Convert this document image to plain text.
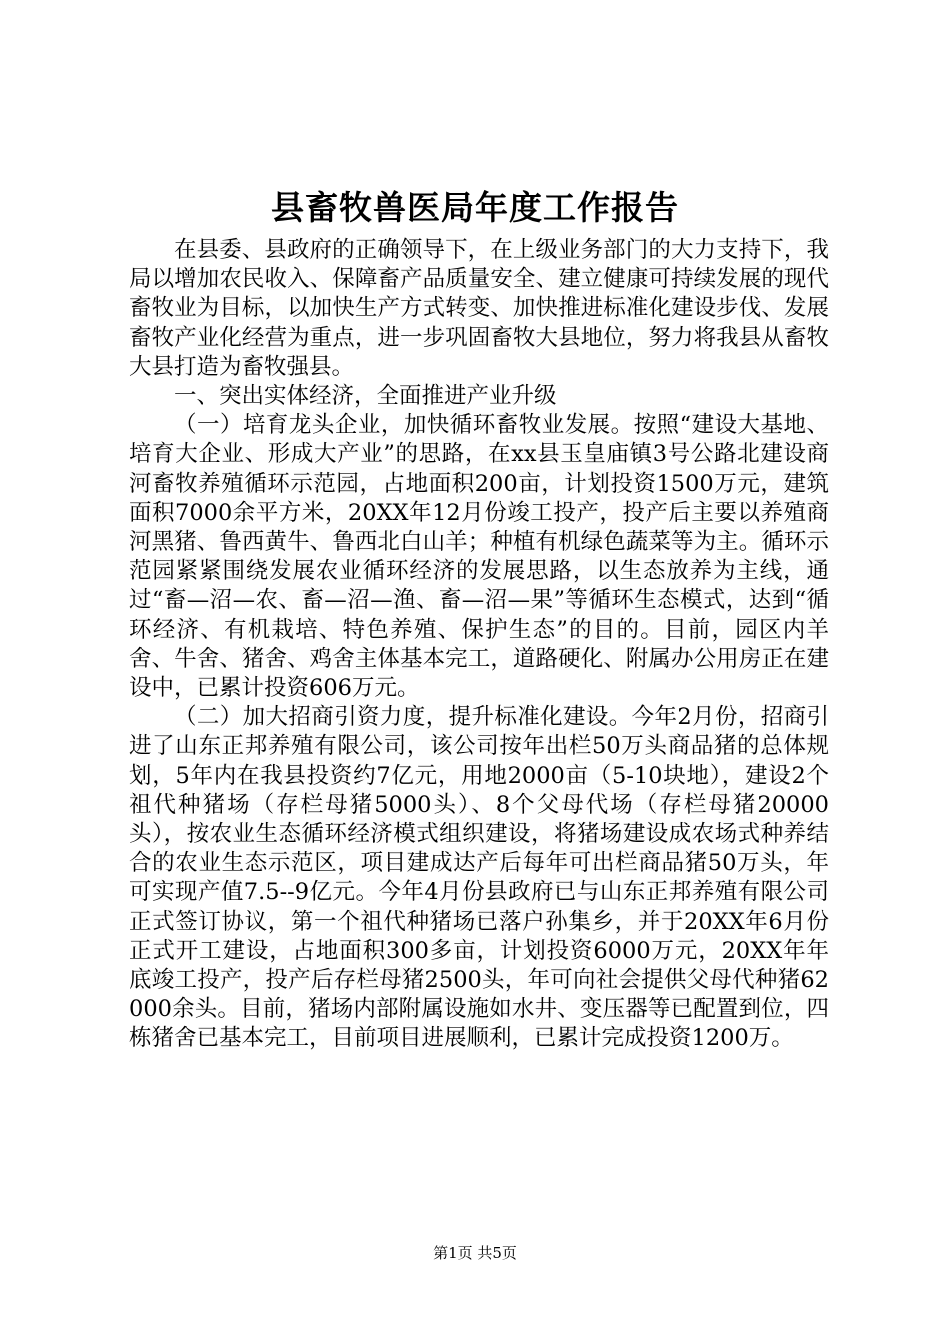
县畜牧兽医局年度工作报告

在县委、县政府的正确领导下，在上级业务部门的大力支持下，我局以增加农民收入、保障畜产品质量安全、建立健康可持续发展的现代畜牧业为目标，以加快生产方式转变、加快推进标准化建设步伐、发展畜牧产业化经营为重点，进一步巩固畜牧大县地位，努力将我县从畜牧大县打造为畜牧强县。

一、突出实体经济，全面推进产业升级

（一）培育龙头企业，加快循环畜牧业发展。按照“建设大基地、培育大企业、形成大产业”的思路，在xx县玉皇庙镇3号公路北建设商河畜牧养殖循环示范园，占地面积200亩，计划投资1500万元，建筑面积7000余平方米，20XX年12月份竣工投产，投产后主要以养殖商河黑猪、鲁西黄牛、鲁西北白山羊；种植有机绿色蔬菜等为主。循环示范园紧紧围绕发展农业循环经济的发展思路，以生态放养为主线，通过“畜—沼—农、畜—沼—渔、畜—沼—果”等循环生态模式，达到“循环经济、有机栽培、特色养殖、保护生态”的目的。目前，园区内羊舍、牛舍、猪舍、鸡舍主体基本完工，道路硬化、附属办公用房正在建设中，已累计投资606万元。

（二）加大招商引资力度，提升标准化建设。今年2月份，招商引进了山东正邦养殖有限公司，该公司按年出栏50万头商品猪的总体规划，5年内在我县投资约7亿元，用地2000亩（5-10块地），建设2个祖代种猪场（存栏母猪5000头）、8个父母代场（存栏母猪20000头），按农业生态循环经济模式组织建设，将猪场建设成农场式种养结合的农业生态示范区，项目建成达产后每年可出栏商品猪50万头，年可实现产值7.5--9亿元。今年4月份县政府已与山东正邦养殖有限公司正式签订协议，第一个祖代种猪场已落户孙集乡，并于20XX年6月份正式开工建设，占地面积300多亩，计划投资6000万元，20XX年年底竣工投产，投产后存栏母猪2500头，年可向社会提供父母代种猪62000余头。目前，猪场内部附属设施如水井、变压器等已配置到位，四栋猪舍已基本完工，目前项目进展顺利，已累计完成投资1200万。

第1页 共5页
